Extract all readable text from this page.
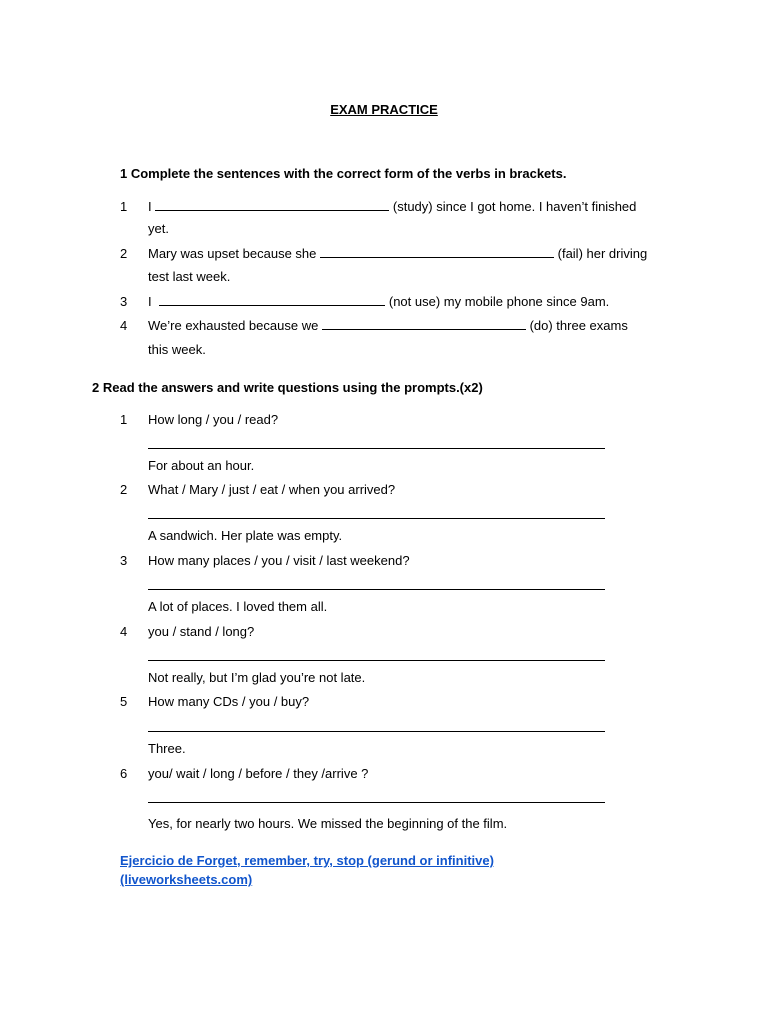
EXAM PRACTICE
1 Complete the sentences with the correct form of the verbs in brackets.
1	I	(study) since I got home. I haven’t finished
yet.
2	Mary was upset because she	(fail) her driving
test last week.
3	I	(not use) my mobile phone since 9am.
4	We’re exhausted because we	(do) three exams
this week.
2 Read the answers and write questions using the prompts.(x2)
1	How long / you / read?
For about an hour.
2	What / Mary / just / eat / when you arrived?
A sandwich. Her plate was empty.
3	How many places / you / visit / last weekend?
A lot of places. I loved them all.
4	you / stand / long?
Not really, but I’m glad you’re not late.
5	How many CDs / you / buy?
Three.
6	you/ wait / long / before / they /arrive ?
Yes, for nearly two hours. We missed the beginning of the film.
Ejercicio de Forget, remember, try, stop (gerund or infinitive)
(liveworksheets.com)
